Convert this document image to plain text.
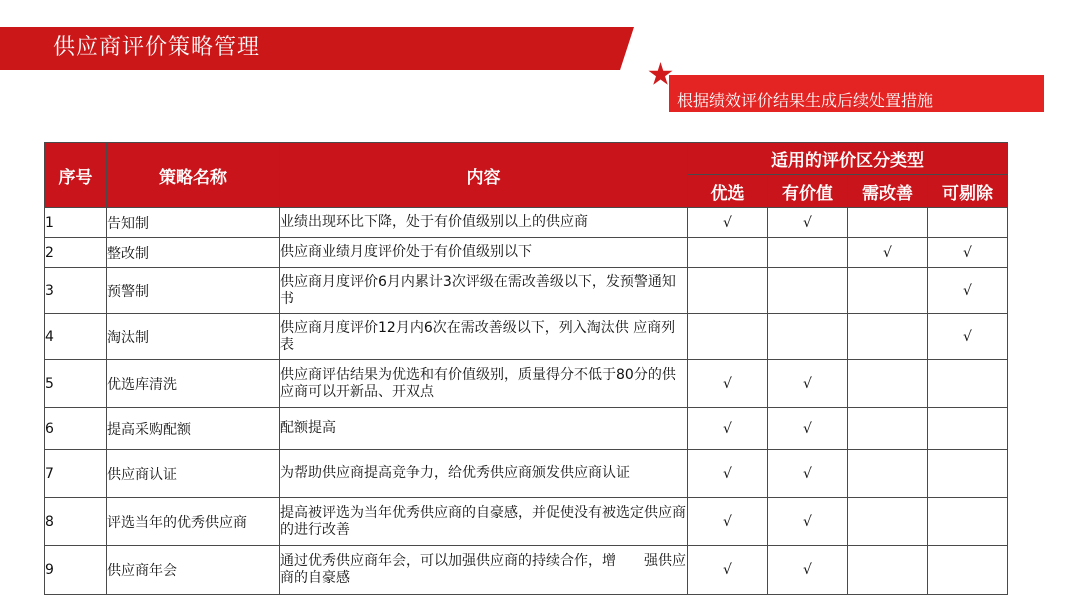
供应商评价策略管理
根据绩效评价结果生成后续处置措施
序号	策略名称	内容	适用的评价区分类型			
			优选	有价值	需改善	可剔除
1	告知制	业绩出现环比下降，处于有价值级别以上的供应商	√	√		
2	整改制	供应商业绩月度评价处于有价值级别以下			√	√
3	预警制	供应商月度评价6月内累计3次评级在需改善级以下，发预警通知书				√
4	淘汰制	供应商月度评价12月内6次在需改善级以下，列入淘汰供 应商列表				√
5	优选库清洗	供应商评估结果为优选和有价值级别，质量得分不低于80分的供应商可以开新品、开双点	√	√		
6	提高采购配额	配额提高	√	√		
7	供应商认证	为帮助供应商提高竞争力，给优秀供应商颁发供应商认证	√	√		
8	评选当年的优秀供应商	提高被评选为当年优秀供应商的自豪感，并促使没有被选定供应商的进行改善	√	√		
9	供应商年会	通过优秀供应商年会，可以加强供应商的持续合作，增　　强供应商的自豪感	√	√		
